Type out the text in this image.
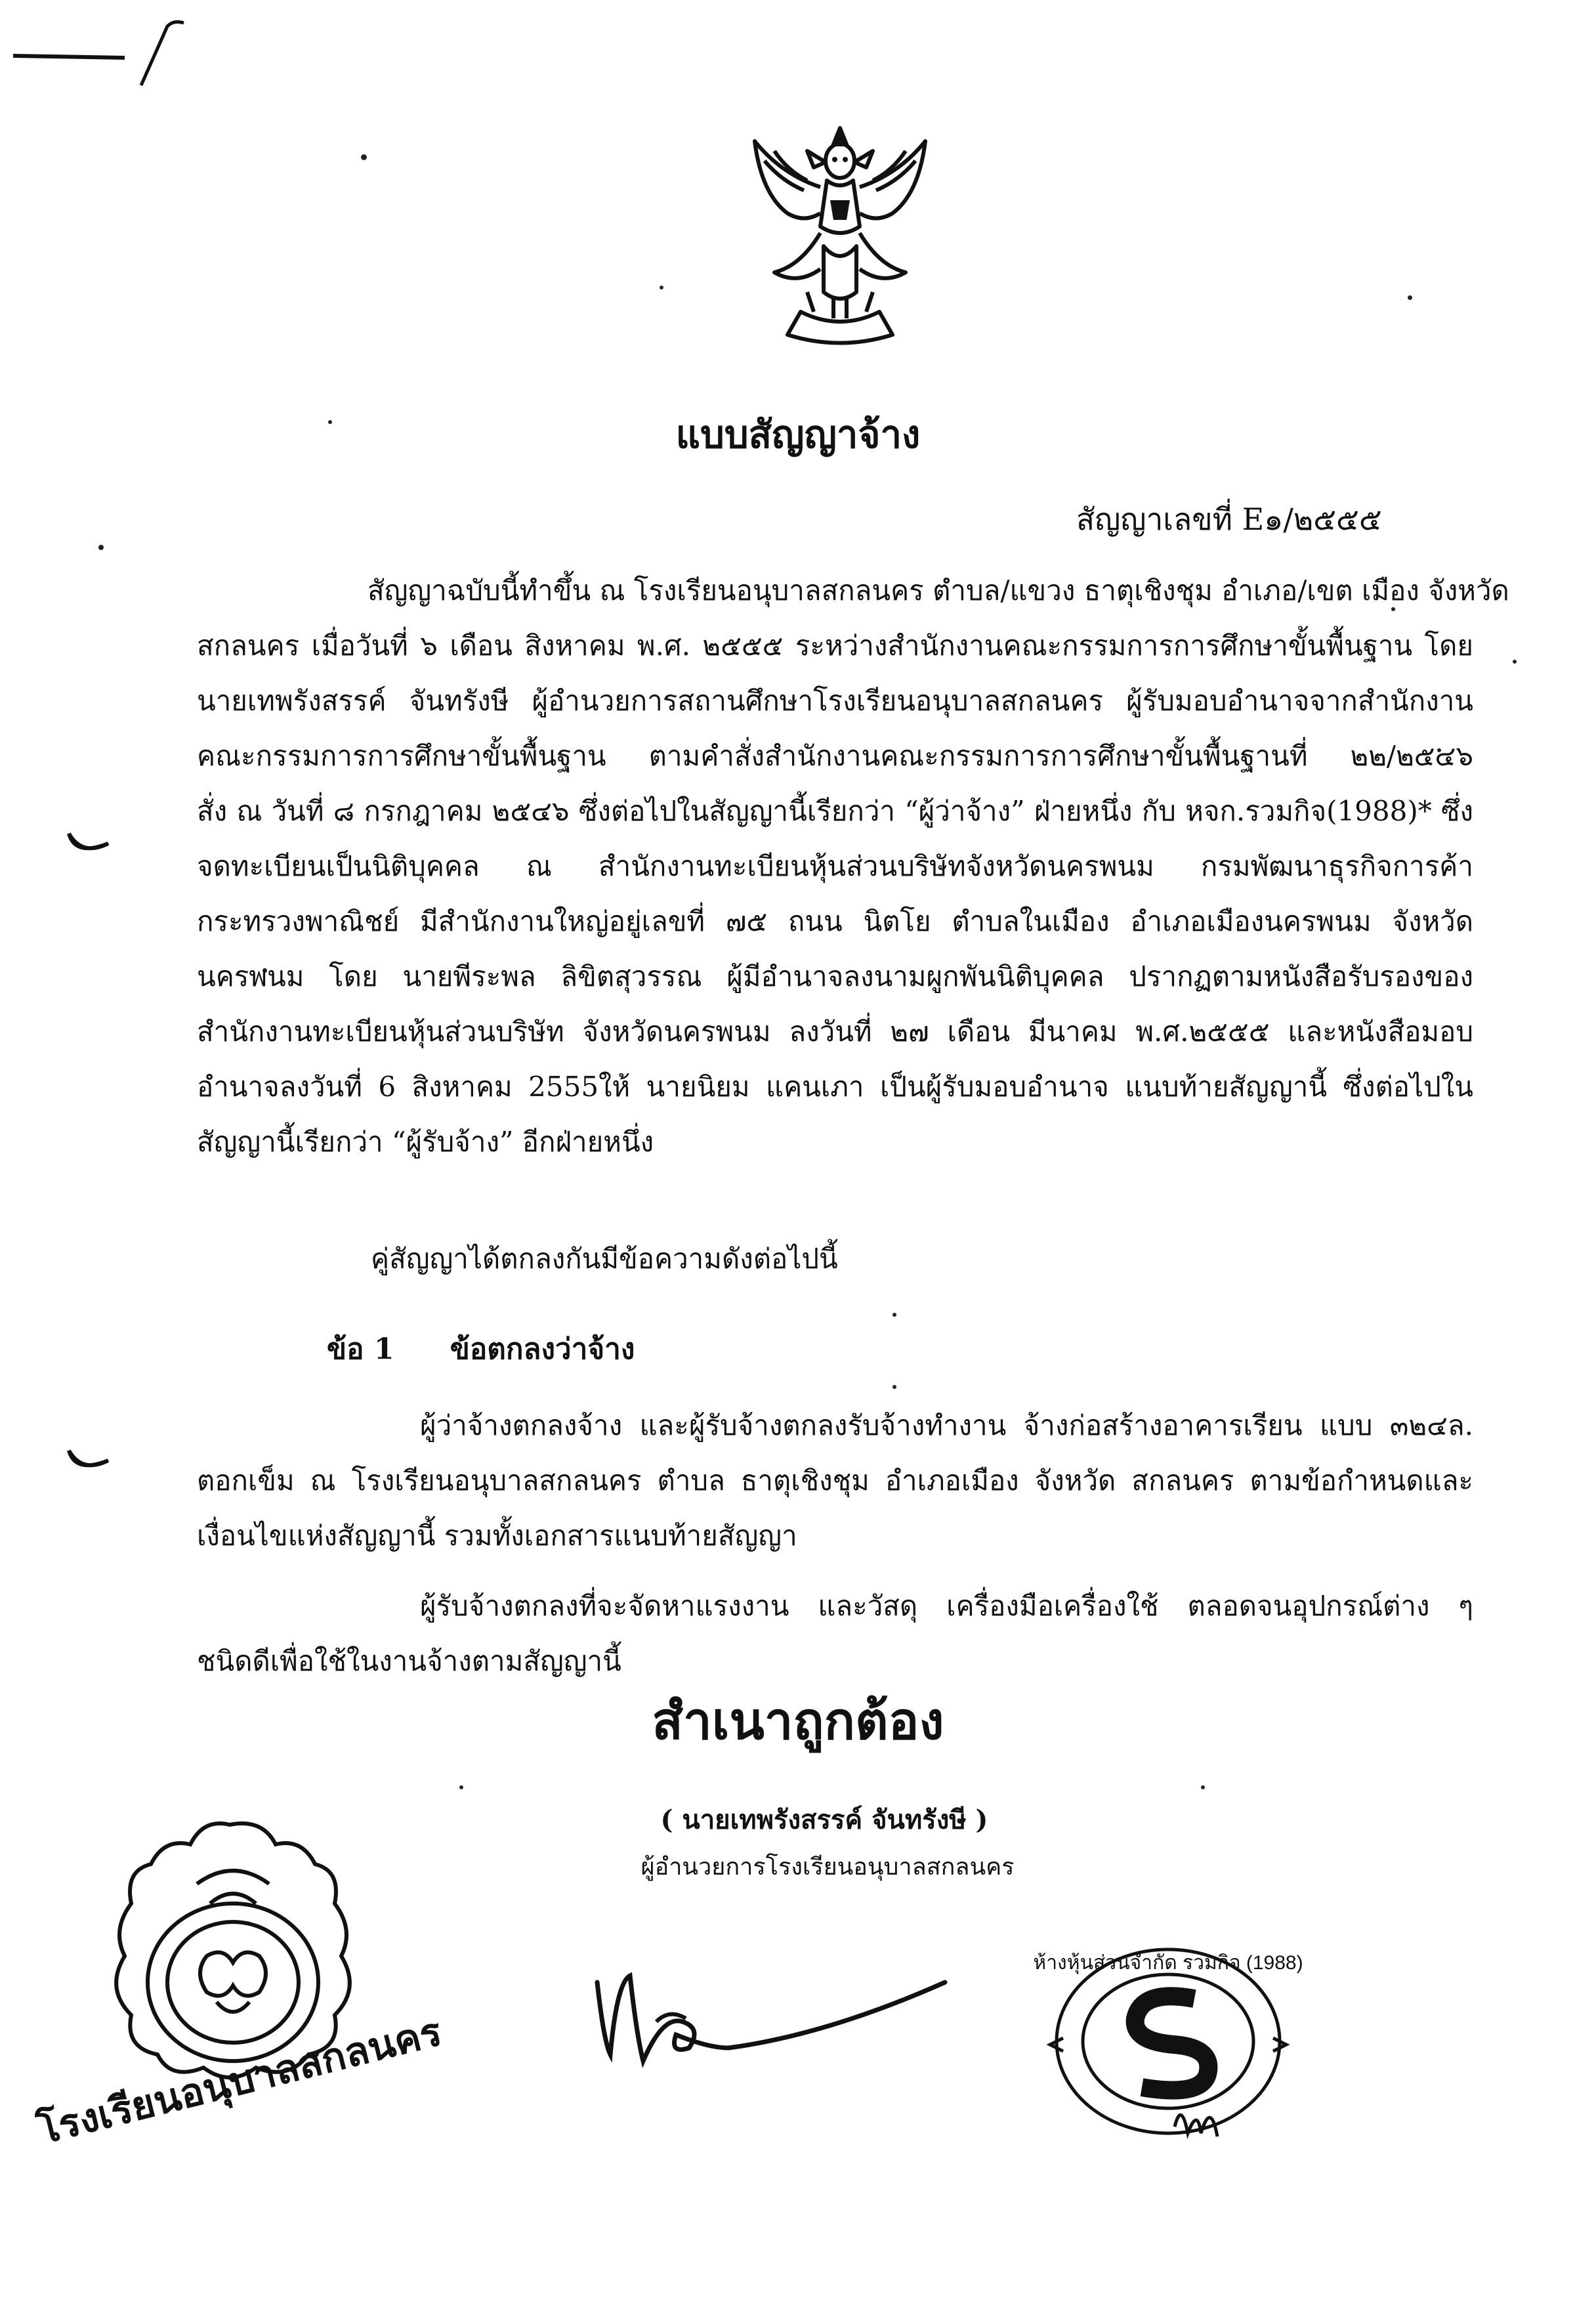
แบบสัญญาจ้าง
สัญญาเลขที่ E๑/๒๕๕๕
สัญญาฉบับนี้ทำขึ้น ณ โรงเรียนอนุบาลสกลนคร ตำบล/แขวง ธาตุเชิงชุม อำเภอ/เขต เมือง จังหวัด
สกลนคร เมื่อวันที่ ๖ เดือน สิงหาคม พ.ศ. ๒๕๕๕ ระหว่างสำนักงานคณะกรรมการการศึกษาขั้นพื้นฐาน โดย
นายเทพรังสรรค์ จันทรังษี ผู้อำนวยการสถานศึกษาโรงเรียนอนุบาลสกลนคร ผู้รับมอบอำนาจจากสำนักงาน
คณะกรรมการการศึกษาขั้นพื้นฐาน ตามคำสั่งสำนักงานคณะกรรมการการศึกษาขั้นพื้นฐานที่ ๒๒/๒๕๔๖
สั่ง ณ วันที่ ๘ กรกฎาคม ๒๕๔๖ ซึ่งต่อไปในสัญญานี้เรียกว่า “ผู้ว่าจ้าง” ฝ่ายหนึ่ง กับ หจก.รวมกิจ(1988)* ซึ่ง
จดทะเบียนเป็นนิติบุคคล ณ สำนักงานทะเบียนหุ้นส่วนบริษัทจังหวัดนครพนม กรมพัฒนาธุรกิจการค้า
กระทรวงพาณิชย์ มีสำนักงานใหญ่อยู่เลขที่ ๗๕ ถนน นิตโย ตำบลในเมือง อำเภอเมืองนครพนม จังหวัด
นครพนม โดย นายพีระพล ลิขิตสุวรรณ ผู้มีอำนาจลงนามผูกพันนิติบุคคล ปรากฏตามหนังสือรับรองของ
สำนักงานทะเบียนหุ้นส่วนบริษัท จังหวัดนครพนม ลงวันที่ ๒๗ เดือน มีนาคม พ.ศ.๒๕๕๕ และหนังสือมอบ
อำนาจลงวันที่ 6 สิงหาคม 2555ให้ นายนิยม แคนเภา เป็นผู้รับมอบอำนาจ แนบท้ายสัญญานี้ ซึ่งต่อไปใน
สัญญานี้เรียกว่า “ผู้รับจ้าง” อีกฝ่ายหนึ่ง
คู่สัญญาได้ตกลงกันมีข้อความดังต่อไปนี้
ข้อ 1 ข้อตกลงว่าจ้าง
ผู้ว่าจ้างตกลงจ้าง และผู้รับจ้างตกลงรับจ้างทำงาน จ้างก่อสร้างอาคารเรียน แบบ ๓๒๔ล.
ตอกเข็ม ณ โรงเรียนอนุบาลสกลนคร ตำบล ธาตุเชิงชุม อำเภอเมือง จังหวัด สกลนคร ตามข้อกำหนดและ
เงื่อนไขแห่งสัญญานี้ รวมทั้งเอกสารแนบท้ายสัญญา
ผู้รับจ้างตกลงที่จะจัดหาแรงงาน และวัสดุ เครื่องมือเครื่องใช้ ตลอดจนอุปกรณ์ต่าง ๆ
ชนิดดีเพื่อใช้ในงานจ้างตามสัญญานี้
สำเนาถูกต้อง
( นายเทพรังสรรค์ จันทรังษี )
ผู้อำนวยการโรงเรียนอนุบาลสกลนคร
โรงเรียนอนุบาลสกลนคร
ห้างหุ้นส่วนจำกัด รวมกิจ (1988)
